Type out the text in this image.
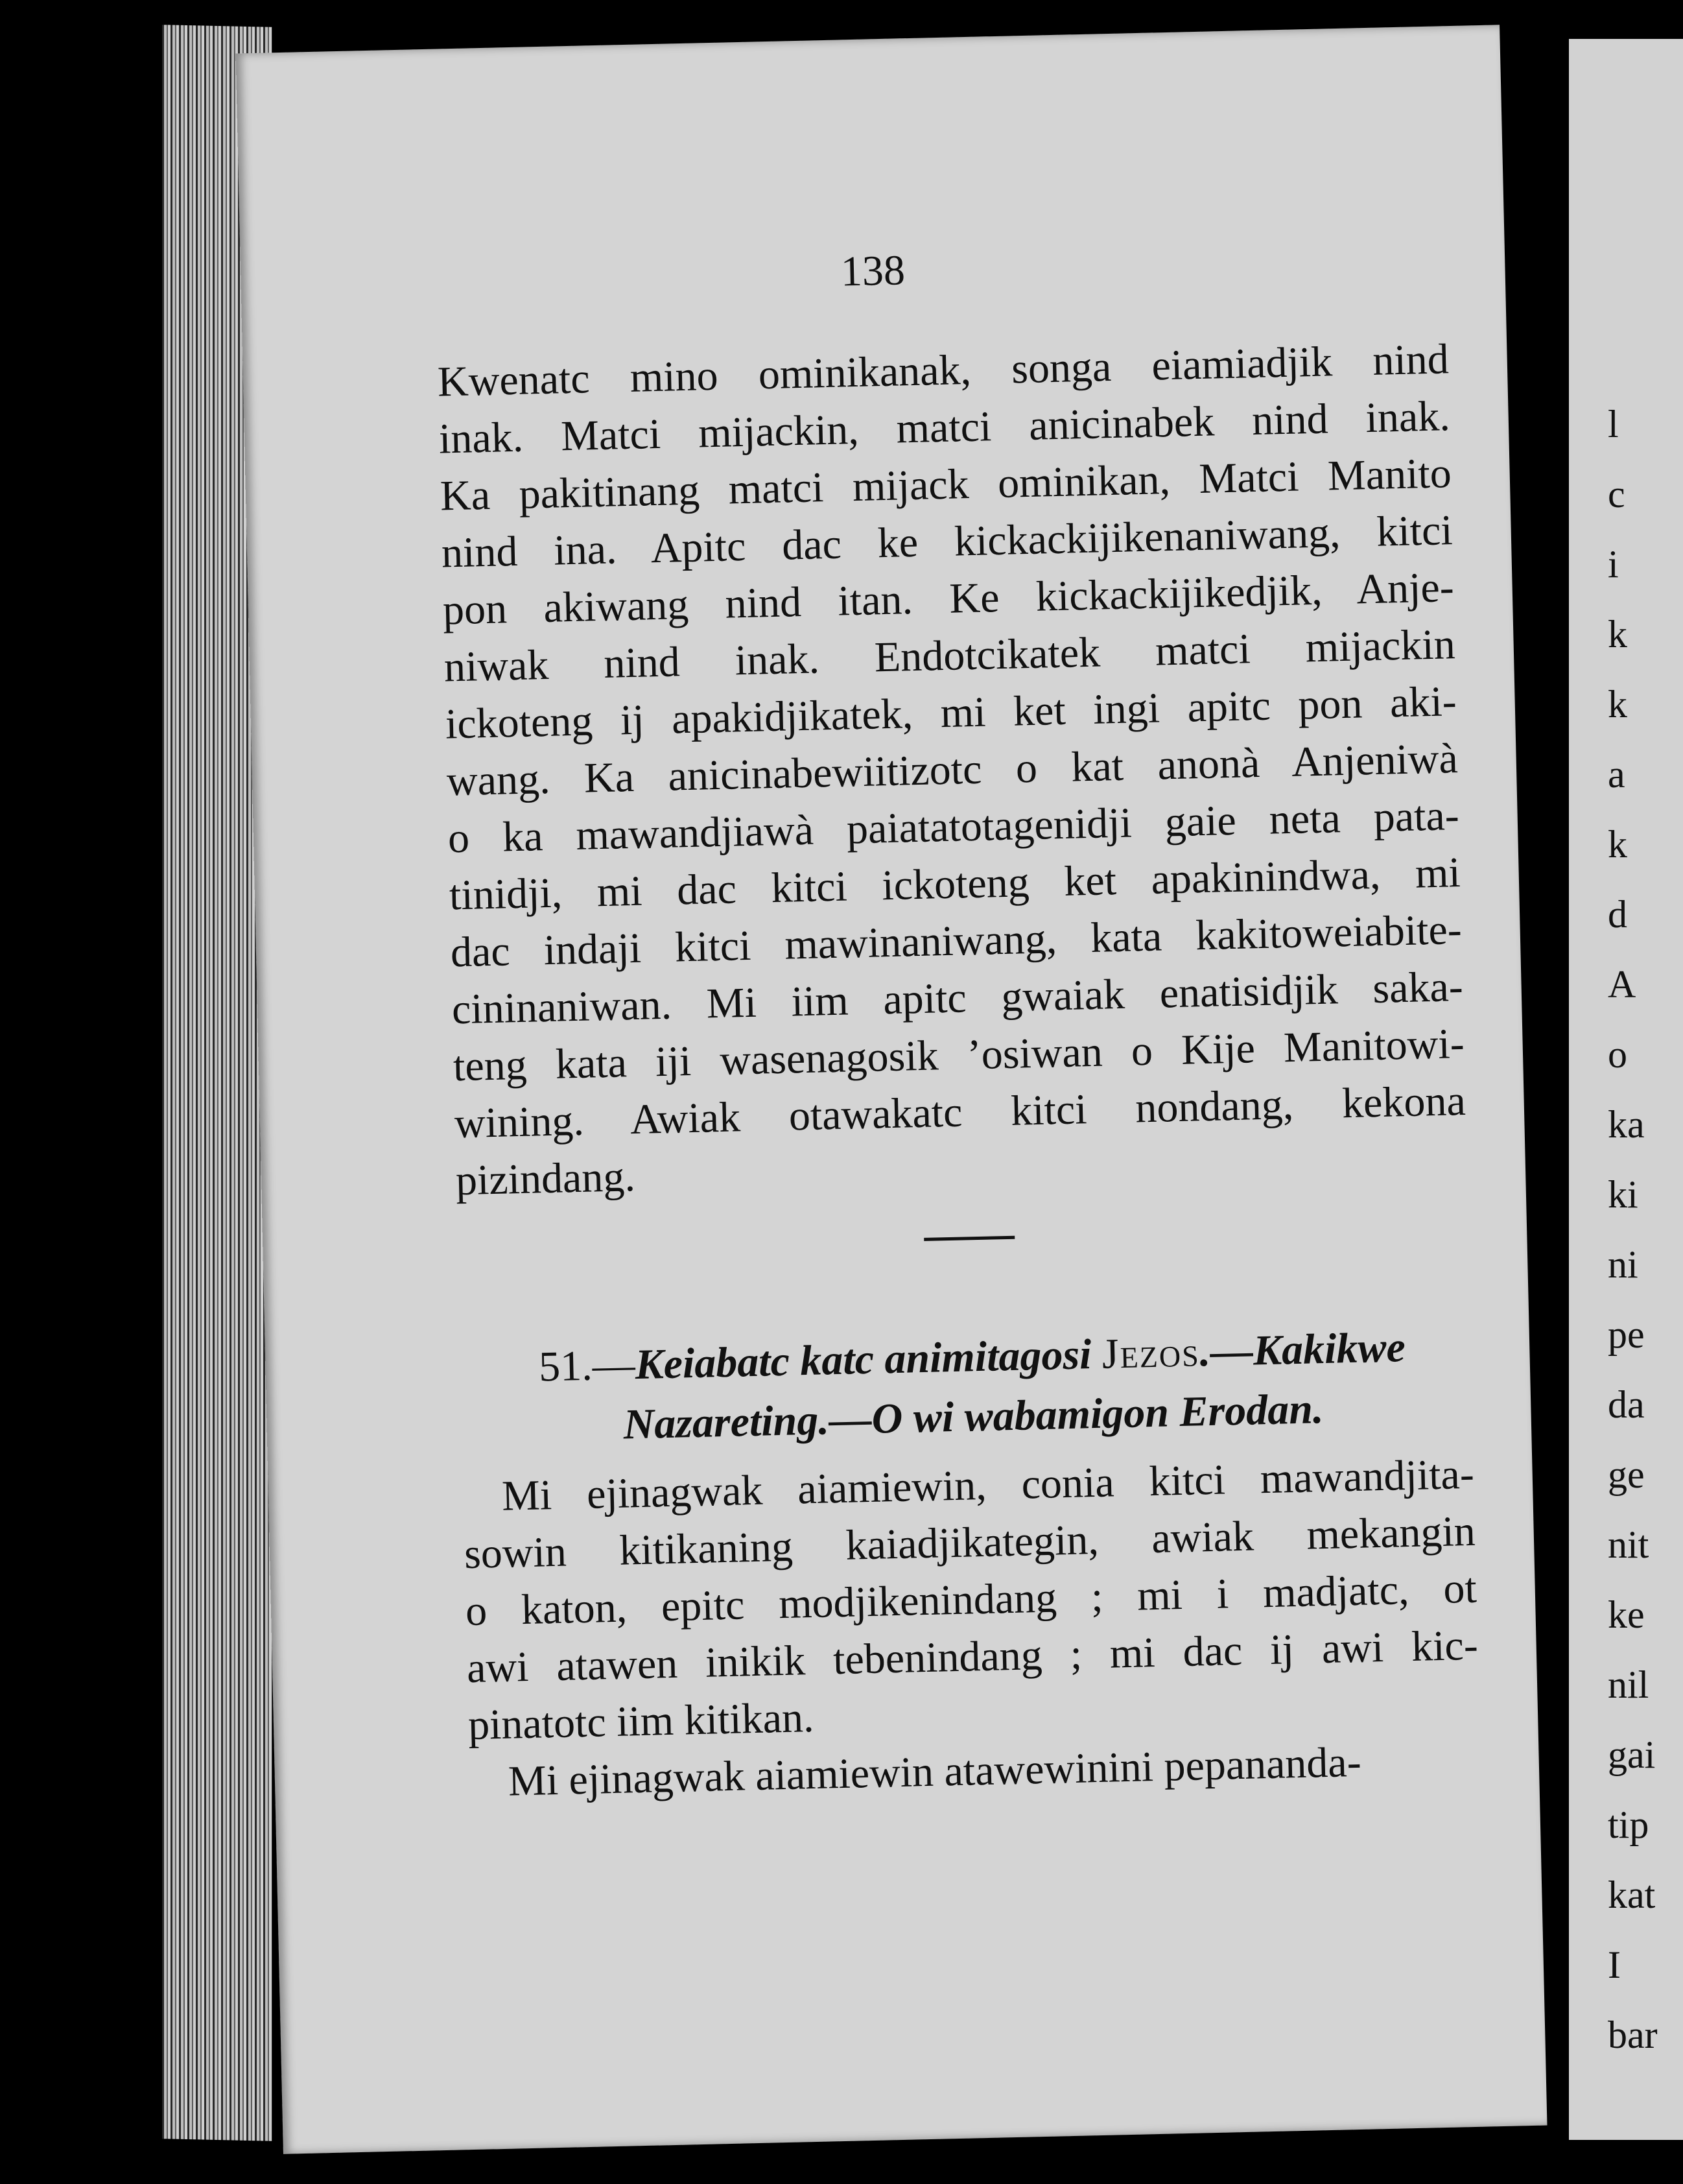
l
c
i
k
k
a
k
d
A
o
ka
ki
ni
pe
da
ge
nit
ke
nil
gai
tip
kat
I
bar
138
Kwenatc mino ominikanak, songa eiamiadjik nind
inak. Matci mijackin, matci anicinabek nind inak.
Ka pakitinang matci mijack ominikan, Matci Manito
nind ina. Apitc dac ke kickackijikenaniwang, kitci
pon akiwang nind itan. Ke kickackijikedjik, Anje-
niwak nind inak. Endotcikatek matci mijackin
ickoteng ij apakidjikatek, mi ket ingi apitc pon aki-
wang. Ka anicinabewiitizotc o kat anonà Anjeniwà
o ka mawandjiawà paiatatotagenidji gaie neta pata-
tinidji, mi dac kitci ickoteng ket apakinindwa, mi
dac indaji kitci mawinaniwang, kata kakitoweiabite-
cininaniwan. Mi iim apitc gwaiak enatisidjik saka-
teng kata iji wasenagosik ’osiwan o Kije Manitowi-
wining. Awiak otawakatc kitci nondang, kekona
pizindang.
51.—Keiabatc katc animitagosi Jezos.—Kakikwe
Nazareting.—O wi wabamigon Erodan.
Mi ejinagwak aiamiewin, conia kitci mawandjita-
sowin kitikaning kaiadjikategin, awiak mekangin
o katon, epitc modjikenindang ; mi i madjatc, ot
awi atawen inikik tebenindang ; mi dac ij awi kic-
pinatotc iim kitikan.
Mi ejinagwak aiamiewin atawewinini pepananda-
